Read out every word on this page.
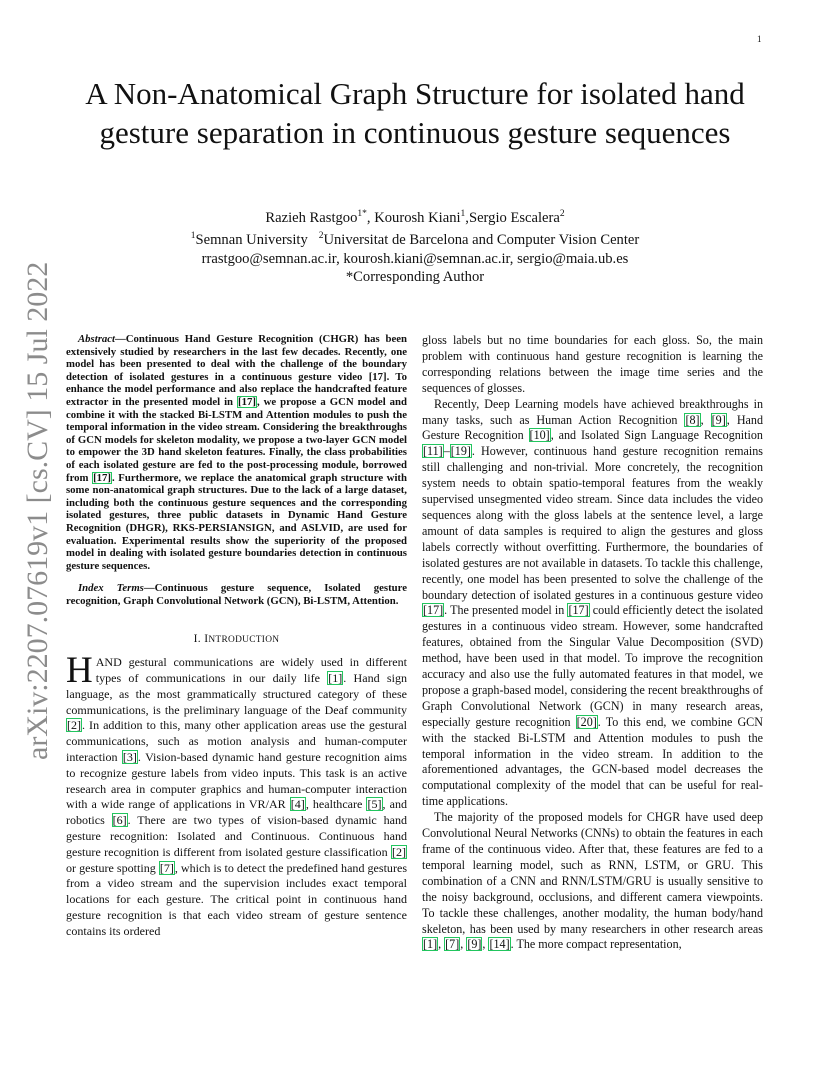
1
arXiv:2207.07619v1 [cs.CV] 15 Jul 2022
A Non-Anatomical Graph Structure for isolated hand gesture separation in continuous gesture sequences
Razieh Rastgoo$^{1*}$, Kourosh Kiani$^1$,Sergio Escalera$^2$
$^1$Semnan University $^2$Universitat de Barcelona and Computer Vision Center
rrastgoo@semnan.ac.ir, kourosh.kiani@semnan.ac.ir, sergio@maia.ub.es
*Corresponding Author

Abstract—Continuous Hand Gesture Recognition (CHGR) has been extensively studied by researchers in the last few decades. Recently, one model has been presented to deal with the challenge of the boundary detection of isolated gestures in a continuous gesture video [17]. To enhance the model performance and also replace the handcrafted feature extractor in the presented model in [17], we propose a GCN model and combine it with the stacked Bi-LSTM and Attention modules to push the temporal information in the video stream. Considering the breakthroughs of GCN models for skeleton modality, we propose a two-layer GCN model to empower the 3D hand skeleton features. Finally, the class probabilities of each isolated gesture are fed to the post-processing module, borrowed from [17]. Furthermore, we replace the anatomical graph structure with some non-anatomical graph structures. Due to the lack of a large dataset, including both the continuous gesture sequences and the corresponding isolated gestures, three public datasets in Dynamic Hand Gesture Recognition (DHGR), RKS-PERSIANSIGN, and ASLVID, are used for evaluation. Experimental results show the superiority of the proposed model in dealing with isolated gesture boundaries detection in continuous gesture sequences.

Index Terms—Continuous gesture sequence, Isolated gesture recognition, Graph Convolutional Network (GCN), Bi-LSTM, Attention.

I. INTRODUCTION

HAND gestural communications are widely used in different types of communications in our daily life [1]. Hand sign language, as the most grammatically structured category of these communications, is the preliminary language of the Deaf community [2]. In addition to this, many other application areas use the gestural communications, such as motion analysis and human-computer interaction [3]. Vision-based dynamic hand gesture recognition aims to recognize gesture labels from video inputs. This task is an active research area in computer graphics and human-computer interaction with a wide range of applications in VR/AR [4], healthcare [5], and robotics [6]. There are two types of vision-based dynamic hand gesture recognition: Isolated and Continuous. Continuous hand gesture recognition is different from isolated gesture classification [2] or gesture spotting [7], which is to detect the predefined hand gestures from a video stream and the supervision includes exact temporal locations for each gesture. The critical point in continuous hand gesture recognition is that each video stream of gesture sentence contains its ordered

gloss labels but no time boundaries for each gloss. So, the main problem with continuous hand gesture recognition is learning the corresponding relations between the image time series and the sequences of glosses.

Recently, Deep Learning models have achieved breakthroughs in many tasks, such as Human Action Recognition [8], [9], Hand Gesture Recognition [10], and Isolated Sign Language Recognition [11]–[19]. However, continuous hand gesture recognition remains still challenging and non-trivial. More concretely, the recognition system needs to obtain spatio-temporal features from the weakly supervised unsegmented video stream. Since data includes the video sequences along with the gloss labels at the sentence level, a large amount of data samples is required to align the gestures and gloss labels correctly without overfitting. Furthermore, the boundaries of isolated gestures are not available in datasets. To tackle this challenge, recently, one model has been presented to solve the challenge of the boundary detection of isolated gestures in a continuous gesture video [17]. The presented model in [17] could efficiently detect the isolated gestures in a continuous video stream. However, some handcrafted features, obtained from the Singular Value Decomposition (SVD) method, have been used in that model. To improve the recognition accuracy and also use the fully automated features in that model, we propose a graph-based model, considering the recent breakthroughs of Graph Convolutional Network (GCN) in many research areas, especially gesture recognition [20]. To this end, we combine GCN with the stacked Bi-LSTM and Attention modules to push the temporal information in the video stream. In addition to the aforementioned advantages, the GCN-based model decreases the computational complexity of the model that can be useful for real-time applications.

The majority of the proposed models for CHGR have used deep Convolutional Neural Networks (CNNs) to obtain the features in each frame of the continuous video. After that, these features are fed to a temporal learning model, such as RNN, LSTM, or GRU. This combination of a CNN and RNN/LSTM/GRU is usually sensitive to the noisy background, occlusions, and different camera viewpoints. To tackle these challenges, another modality, the human body/hand skeleton, has been used by many researchers in other research areas [1], [7], [9], [14]. The more compact representation,
